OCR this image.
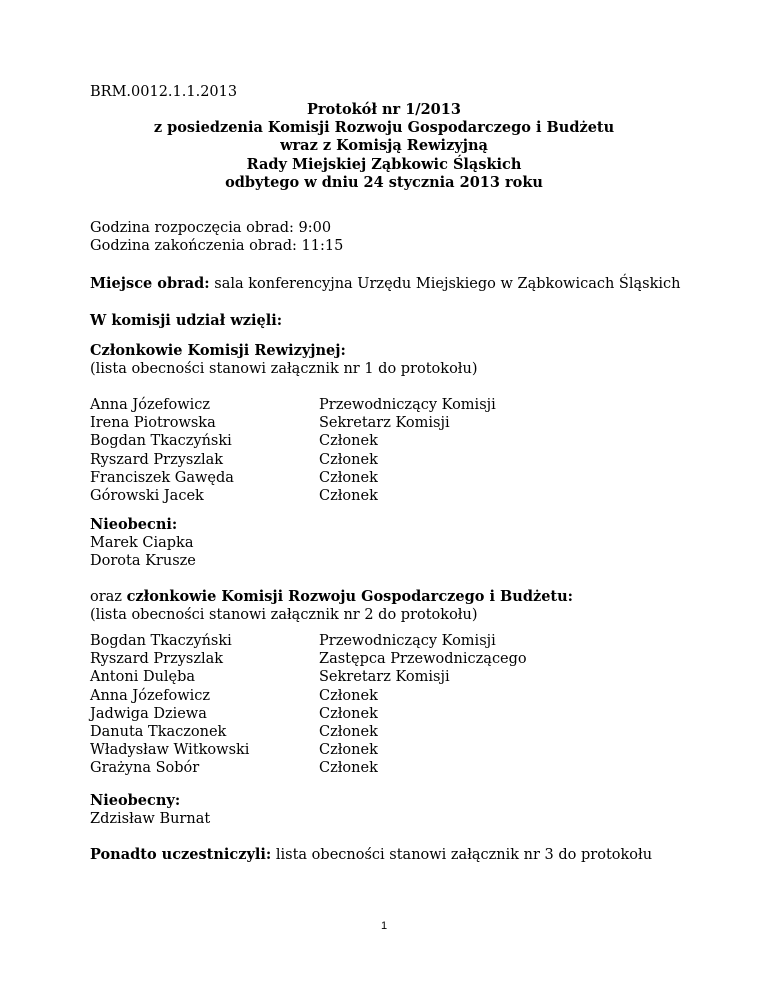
BRM.0012.1.1.2013
Protokół nr 1/2013
z posiedzenia Komisji Rozwoju Gospodarczego i Budżetu
wraz z Komisją Rewizyjną
Rady Miejskiej Ząbkowic Śląskich
odbytego w dniu 24 stycznia 2013 roku
Godzina rozpoczęcia obrad: 9:00
Godzina zakończenia obrad: 11:15
Miejsce obrad: sala konferencyjna Urzędu Miejskiego w Ząbkowicach Śląskich
W komisji udział wzięli:
Członkowie Komisji Rewizyjnej:
(lista obecności stanowi załącznik nr 1 do protokołu)
Anna Józefowicz	Przewodniczący Komisji
Irena Piotrowska	Sekretarz Komisji
Bogdan Tkaczyński	Członek
Ryszard Przyszlak	Członek
Franciszek Gawęda	Członek
Górowski Jacek	Członek
Nieobecni:
Marek Ciapka
Dorota Krusze
oraz członkowie Komisji Rozwoju Gospodarczego i Budżetu:
(lista obecności stanowi załącznik nr 2 do protokołu)
Bogdan Tkaczyński	Przewodniczący Komisji
Ryszard Przyszlak	Zastępca Przewodniczącego
Antoni Dulęba	Sekretarz Komisji
Anna Józefowicz	Członek
Jadwiga Dziewa	Członek
Danuta Tkaczonek	Członek
Władysław Witkowski	Członek
Grażyna Sobór	Członek
Nieobecny:
Zdzisław Burnat
Ponadto uczestniczyli: lista obecności stanowi załącznik nr 3 do protokołu
1
